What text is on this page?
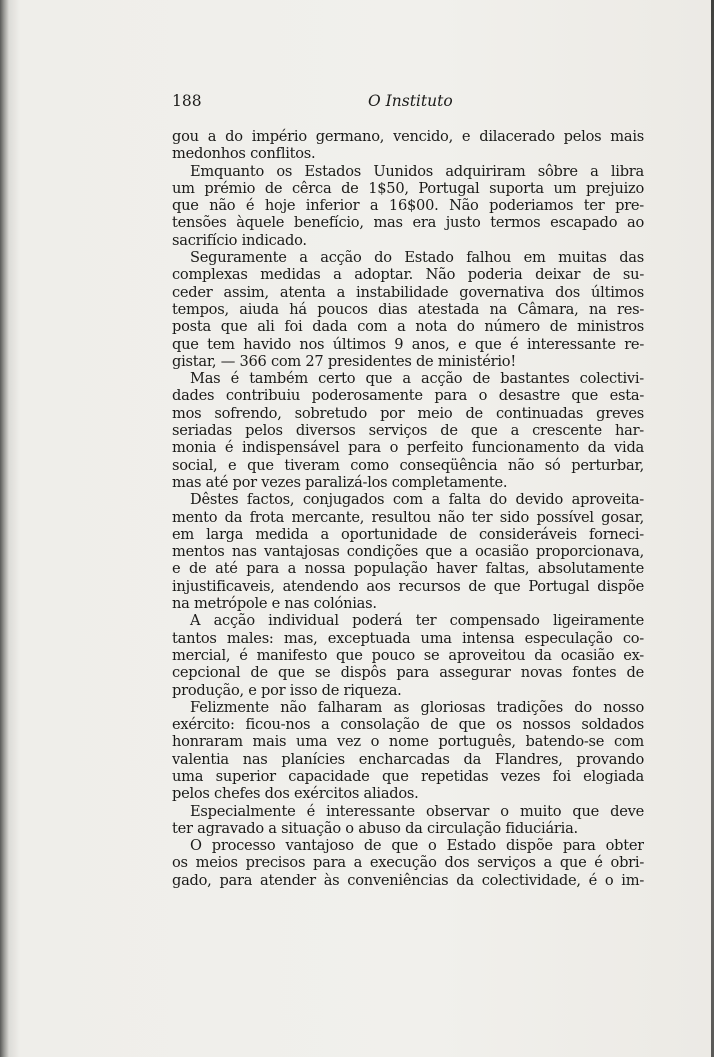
188	O Instituto
gou a do império germano, vencido, e dilacerado pelos mais
medonhos conflitos.
Emquanto os Estados Uunidos adquiriram sôbre a libra
um prémio de cêrca de 1$50, Portugal suporta um prejuizo
que não é hoje inferior a 16$00. Não poderiamos ter pre-
tensões àquele benefício, mas era justo termos escapado ao
sacrifício indicado.
Seguramente a acção do Estado falhou em muitas das
complexas medidas a adoptar. Não poderia deixar de su-
ceder assim, atenta a instabilidade governativa dos últimos
tempos, aiuda há poucos dias atestada na Câmara, na res-
posta que ali foi dada com a nota do número de ministros
que tem havido nos últimos 9 anos, e que é interessante re-
gistar, — 366 com 27 presidentes de ministério!
Mas é também certo que a acção de bastantes colectivi-
dades contribuiu poderosamente para o desastre que esta-
mos sofrendo, sobretudo por meio de continuadas greves
seriadas pelos diversos serviços de que a crescente har-
monia é indispensável para o perfeito funcionamento da vida
social, e que tiveram como conseqüência não só perturbar,
mas até por vezes paralizá-los completamente.
Dêstes factos, conjugados com a falta do devido aproveita-
mento da frota mercante, resultou não ter sido possível gosar,
em larga medida a oportunidade de consideráveis forneci-
mentos nas vantajosas condições que a ocasião proporcionava,
e de até para a nossa população haver faltas, absolutamente
injustificaveis, atendendo aos recursos de que Portugal dispõe
na metrópole e nas colónias.
A acção individual poderá ter compensado ligeiramente
tantos males: mas, exceptuada uma intensa especulação co-
mercial, é manifesto que pouco se aproveitou da ocasião ex-
cepcional de que se dispôs para assegurar novas fontes de
produção, e por isso de riqueza.
Felizmente não falharam as gloriosas tradições do nosso
exército: ficou-nos a consolação de que os nossos soldados
honraram mais uma vez o nome português, batendo-se com
valentia nas planícies encharcadas da Flandres, provando
uma superior capacidade que repetidas vezes foi elogiada
pelos chefes dos exércitos aliados.
Especialmente é interessante observar o muito que deve
ter agravado a situação o abuso da circulação fiduciária.
O processo vantajoso de que o Estado dispõe para obter
os meios precisos para a execução dos serviços a que é obri-
gado, para atender às conveniências da colectividade, é o im-
